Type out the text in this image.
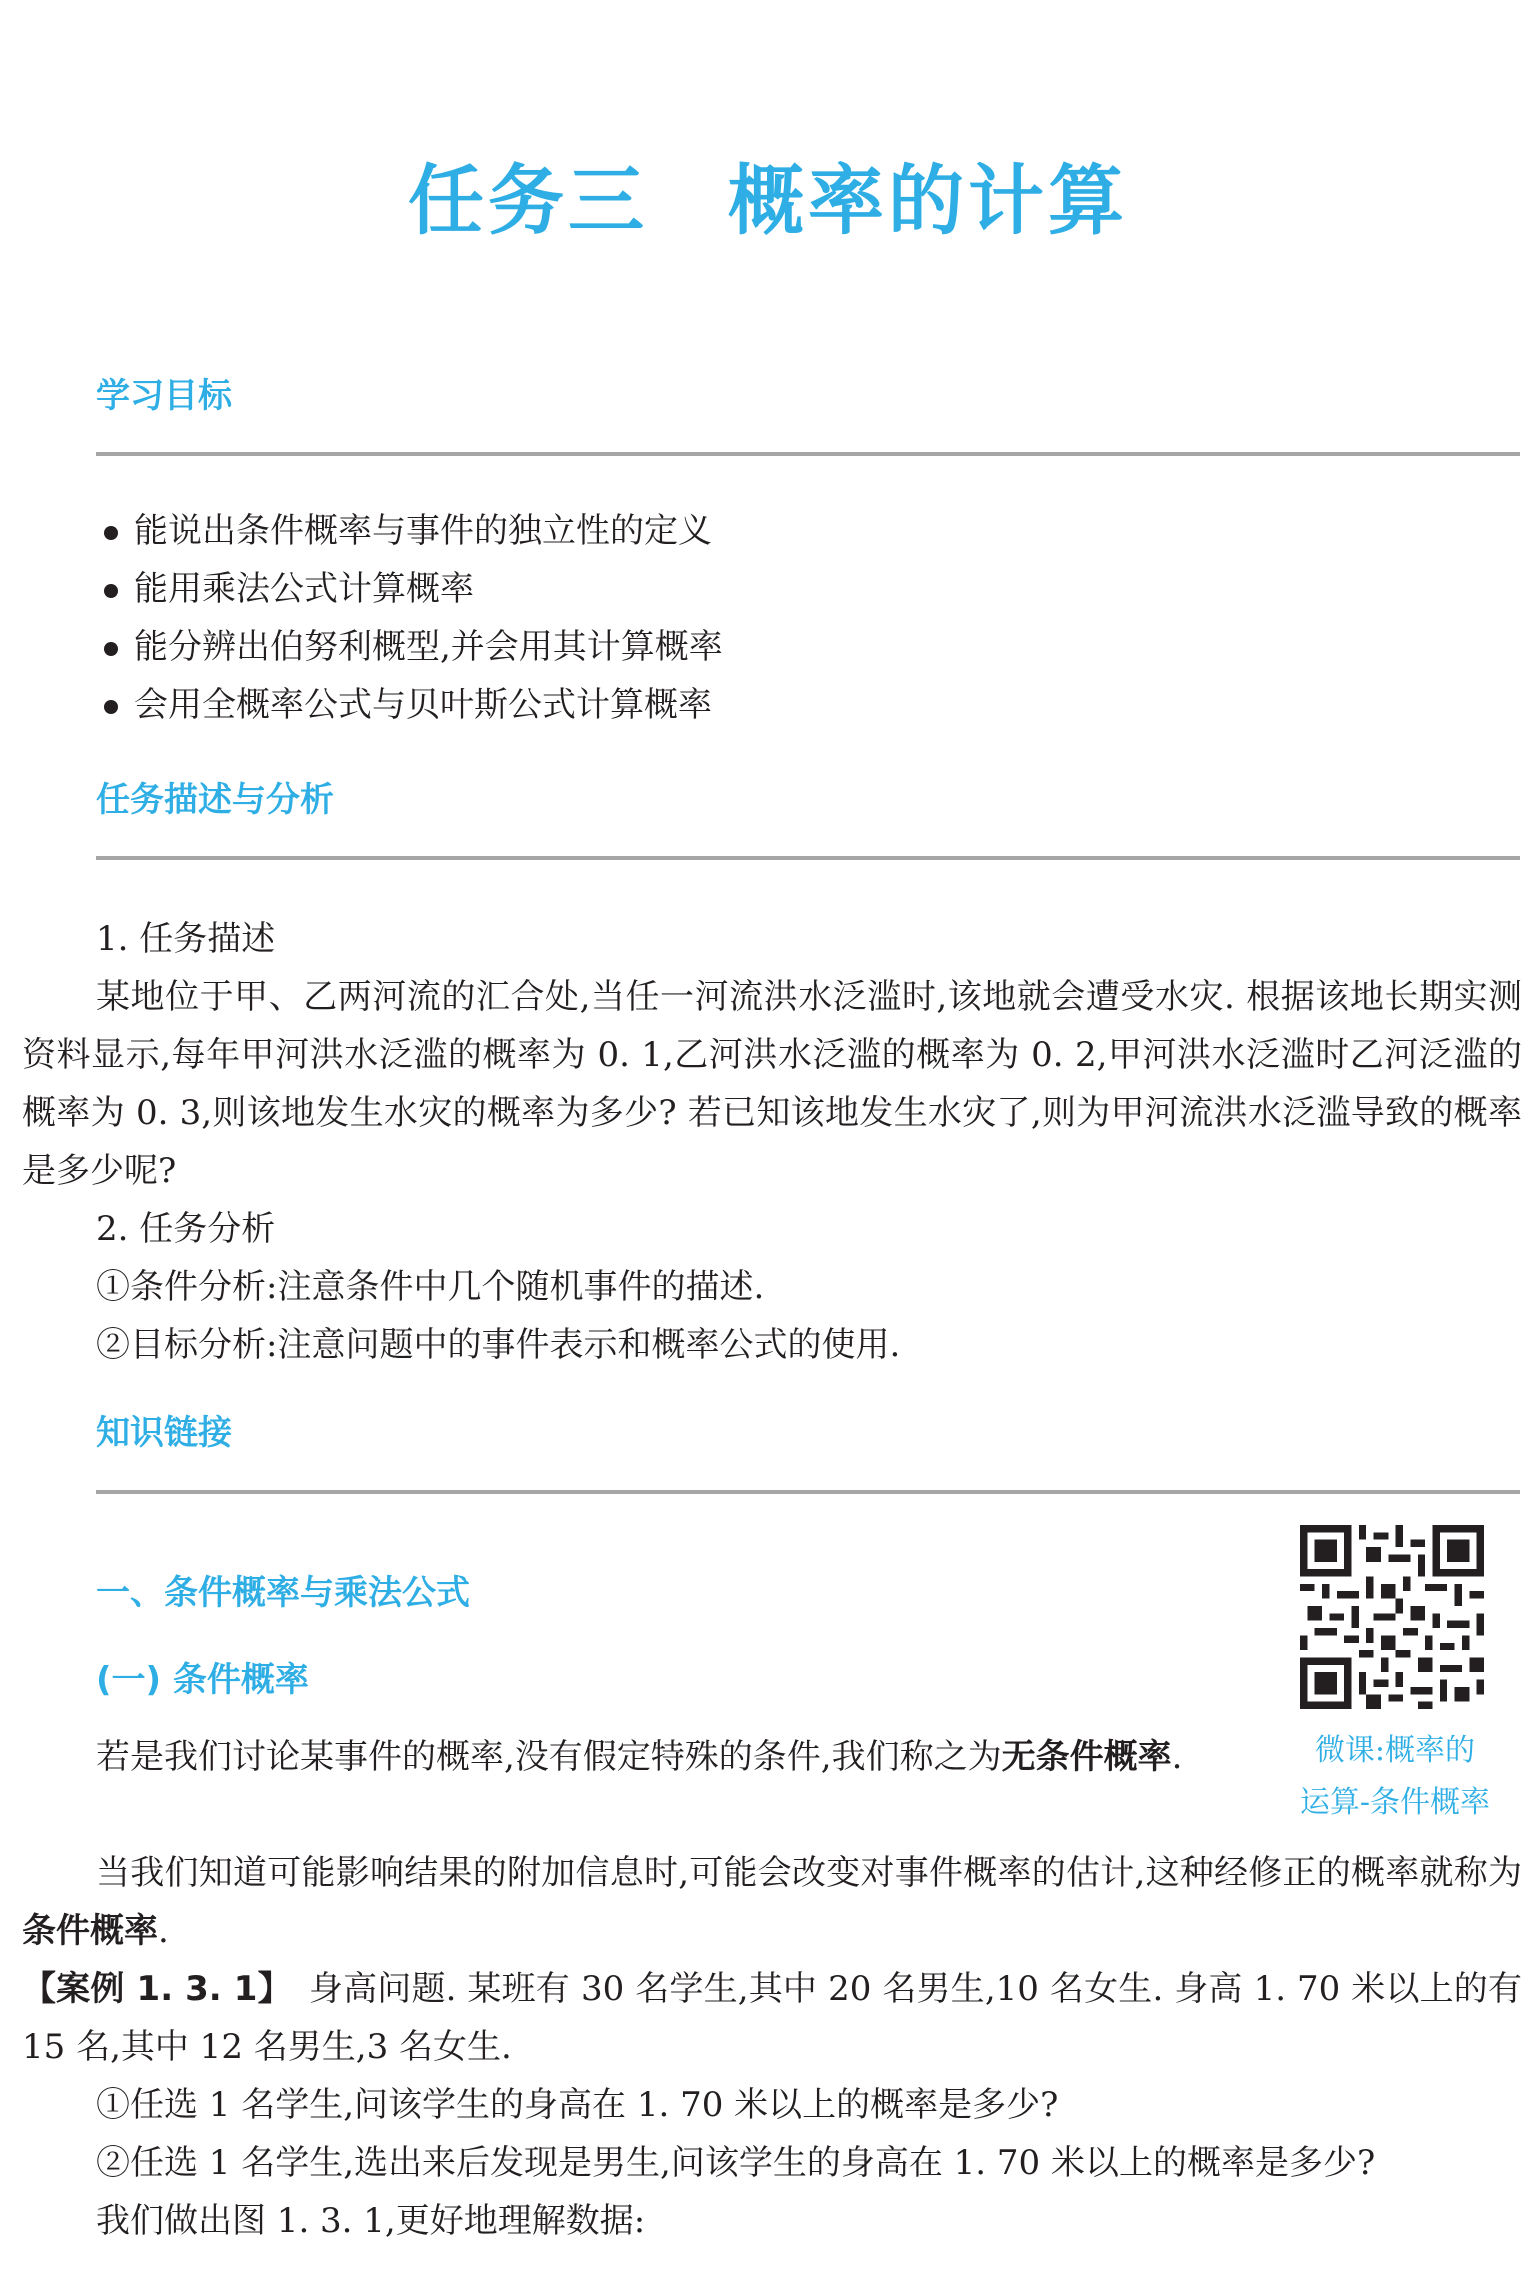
任务三　概率的计算
学习目标
能说出条件概率与事件的独立性的定义
能用乘法公式计算概率
能分辨出伯努利概型,并会用其计算概率
会用全概率公式与贝叶斯公式计算概率
任务描述与分析

1. 任务描述

某地位于甲、乙两河流的汇合处,当任一河流洪水泛滥时,该地就会遭受水灾. 根据该地长期实测资料显示,每年甲河洪水泛滥的概率为 0. 1,乙河洪水泛滥的概率为 0. 2,甲河洪水泛滥时乙河泛滥的概率为 0. 3,则该地发生水灾的概率为多少? 若已知该地发生水灾了,则为甲河流洪水泛滥导致的概率是多少呢?

2. 任务分析

①条件分析:注意条件中几个随机事件的描述.

②目标分析:注意问题中的事件表示和概率公式的使用.

知识链接
一、条件概率与乘法公式
(一) 条件概率
微课:概率的
运算-条件概率

若是我们讨论某事件的概率,没有假定特殊的条件,我们称之为无条件概率.

当我们知道可能影响结果的附加信息时,可能会改变对事件概率的估计,这种经修正的概率就称为条件概率.

【案例 1. 3. 1】　身高问题. 某班有 30 名学生,其中 20 名男生,10 名女生. 身高 1. 70 米以上的有 15 名,其中 12 名男生,3 名女生.

①任选 1 名学生,问该学生的身高在 1. 70 米以上的概率是多少?

②任选 1 名学生,选出来后发现是男生,问该学生的身高在 1. 70 米以上的概率是多少?

我们做出图 1. 3. 1,更好地理解数据:
